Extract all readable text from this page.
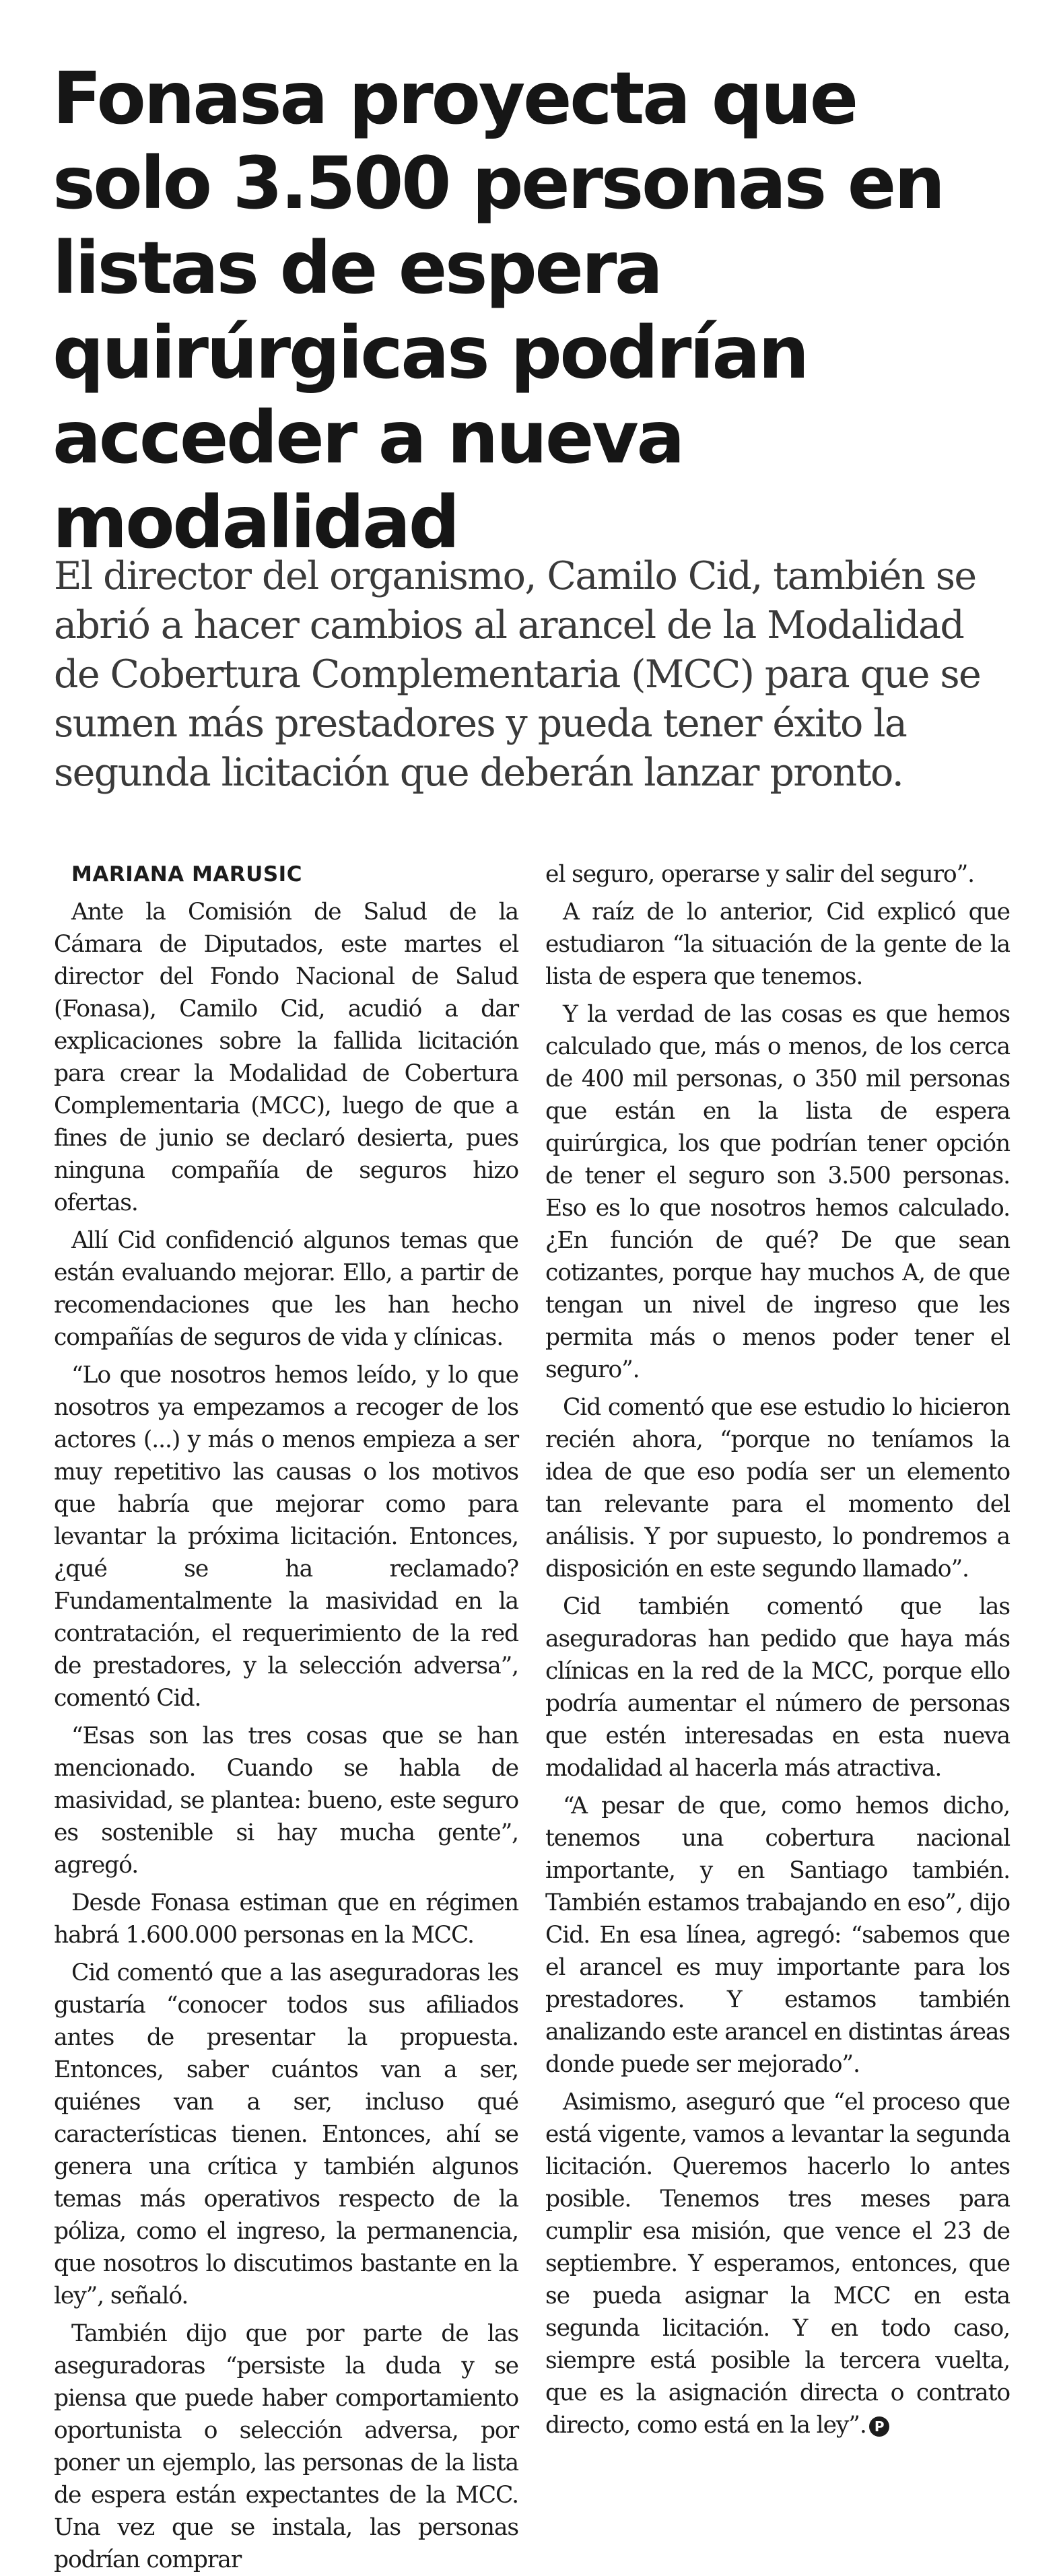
Fonasa proyecta que solo 3.500 personas en listas de espera quirúrgicas podrían acceder a nueva modalidad

El director del organismo, Camilo Cid, también se abrió a hacer cambios al arancel de la Modalidad de Cobertura Complementaria (MCC) para que se sumen más prestadores y pueda tener éxito la segunda licitación que deberán lanzar pronto.

MARIANA MARUSIC

Ante la Comisión de Salud de la Cámara de Diputados, este martes el director del Fondo Nacional de Salud (Fonasa), Camilo Cid, acudió a dar explicaciones sobre la fallida licitación para crear la Modalidad de Cobertura Complementaria (MCC), luego de que a fines de junio se declaró desierta, pues ninguna compañía de seguros hizo ofertas.

Allí Cid confidenció algunos temas que están evaluando mejorar. Ello, a partir de recomendaciones que les han hecho compañías de seguros de vida y clínicas.

“Lo que nosotros hemos leído, y lo que nosotros ya empezamos a recoger de los actores (...) y más o menos empieza a ser muy repetitivo las causas o los motivos que habría que mejorar como para levantar la próxima licitación. Entonces, ¿qué se ha reclamado? Fundamentalmente la masividad en la contratación, el requerimiento de la red de prestadores, y la selección adversa”, comentó Cid.

“Esas son las tres cosas que se han mencionado. Cuando se habla de masividad, se plantea: bueno, este seguro es sostenible si hay mucha gente”, agregó.

Desde Fonasa estiman que en régimen habrá 1.600.000 personas en la MCC.

Cid comentó que a las aseguradoras les gustaría “conocer todos sus afiliados antes de presentar la propuesta. Entonces, saber cuántos van a ser, quiénes van a ser, incluso qué características tienen. Entonces, ahí se genera una crítica y también algunos temas más operativos respecto de la póliza, como el ingreso, la permanencia, que nosotros lo discutimos bastante en la ley”, señaló.

También dijo que por parte de las aseguradoras “persiste la duda y se piensa que puede haber comportamiento oportunista o selección adversa, por poner un ejemplo, las personas de la lista de espera están expectantes de la MCC. Una vez que se instala, las personas podrían comprar

el seguro, operarse y salir del seguro”.

A raíz de lo anterior, Cid explicó que estudiaron “la situación de la gente de la lista de espera que tenemos.

Y la verdad de las cosas es que hemos calculado que, más o menos, de los cerca de 400 mil personas, o 350 mil personas que están en la lista de espera quirúrgica, los que podrían tener opción de tener el seguro son 3.500 personas. Eso es lo que nosotros hemos calculado. ¿En función de qué? De que sean cotizantes, porque hay muchos A, de que tengan un nivel de ingreso que les permita más o menos poder tener el seguro”.

Cid comentó que ese estudio lo hicieron recién ahora, “porque no teníamos la idea de que eso podía ser un elemento tan relevante para el momento del análisis. Y por supuesto, lo pondremos a disposición en este segundo llamado”.

Cid también comentó que las aseguradoras han pedido que haya más clínicas en la red de la MCC, porque ello podría aumentar el número de personas que estén interesadas en esta nueva modalidad al hacerla más atractiva.

“A pesar de que, como hemos dicho, tenemos una cobertura nacional importante, y en Santiago también. También estamos trabajando en eso”, dijo Cid. En esa línea, agregó: “sabemos que el arancel es muy importante para los prestadores. Y estamos también analizando este arancel en distintas áreas donde puede ser mejorado”.

Asimismo, aseguró que “el proceso que está vigente, vamos a levantar la segunda licitación. Queremos hacerlo lo antes posible. Tenemos tres meses para cumplir esa misión, que vence el 23 de septiembre. Y esperamos, entonces, que se pueda asignar la MCC en esta segunda licitación. Y en todo caso, siempre está posible la tercera vuelta, que es la asignación directa o contrato directo, como está en la ley”. P
